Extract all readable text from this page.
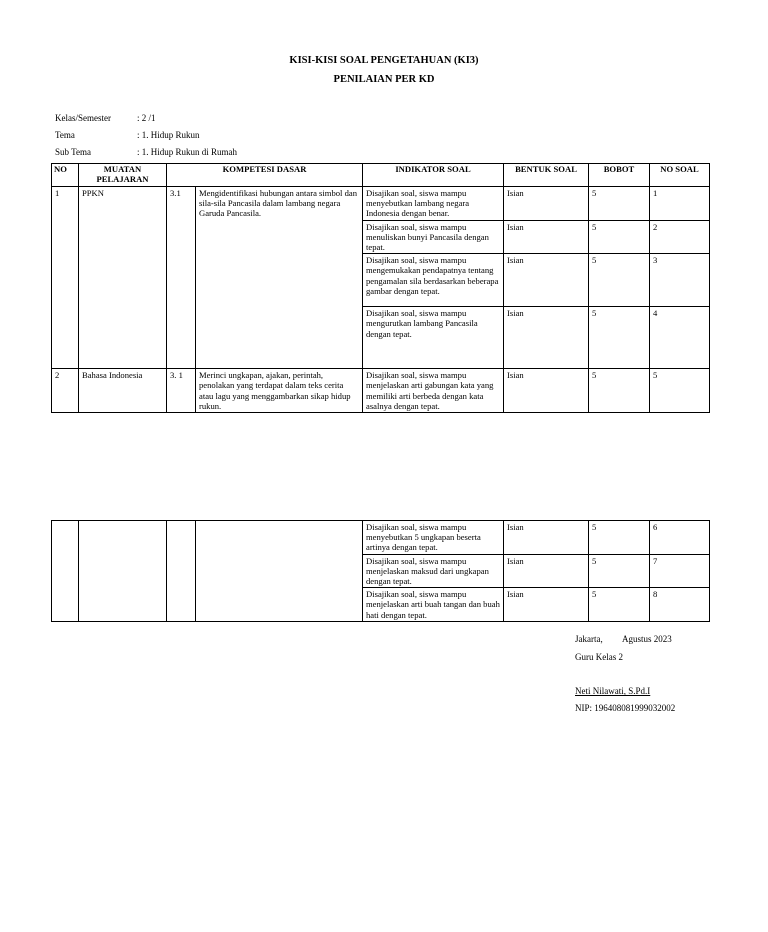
KISI-KISI SOAL PENGETAHUAN (KI3)
PENILAIAN PER KD
Kelas/Semester	: 2 /1
Tema	: 1. Hidup Rukun
Sub Tema	: 1. Hidup Rukun di Rumah
NO	MUATAN PELAJARAN	KOMPETESI DASAR		INDIKATOR SOAL	BENTUK SOAL	BOBOT	NO SOAL
1	PPKN	3.1	Mengidentifikasi hubungan antara simbol dan sila-sila Pancasila dalam lambang negara Garuda Pancasila.	Disajikan soal, siswa mampu menyebutkan lambang negara Indonesia dengan benar.	Isian	5	1
				Disajikan soal, siswa mampu menuliskan bunyi Pancasila dengan tepat.	Isian	5	2
				Disajikan soal, siswa mampu mengemukakan pendapatnya tentang pengamalan sila berdasarkan beberapa gambar dengan tepat.	Isian	5	3
				Disajikan soal, siswa mampu mengurutkan lambang Pancasila dengan tepat.	Isian	5	4
2	Bahasa Indonesia	3. 1	Merinci ungkapan, ajakan, perintah, penolakan yang terdapat dalam teks cerita atau lagu yang menggambarkan sikap hidup rukun.	Disajikan soal, siswa mampu menjelaskan arti gabungan kata yang memiliki arti berbeda dengan kata asalnya dengan tepat.	Isian	5	5
				Disajikan soal, siswa mampu menyebutkan 5 ungkapan beserta artinya dengan tepat.	Isian	5	6
				Disajikan soal, siswa mampu menjelaskan maksud dari ungkapan dengan tepat.	Isian	5	7
				Disajikan soal, siswa mampu menjelaskan arti buah tangan dan buah hati dengan tepat.	Isian	5	8
Jakarta, Agustus 2023
Guru Kelas 2
Neti Nilawati, S.Pd.I
NIP: 196408081999032002
